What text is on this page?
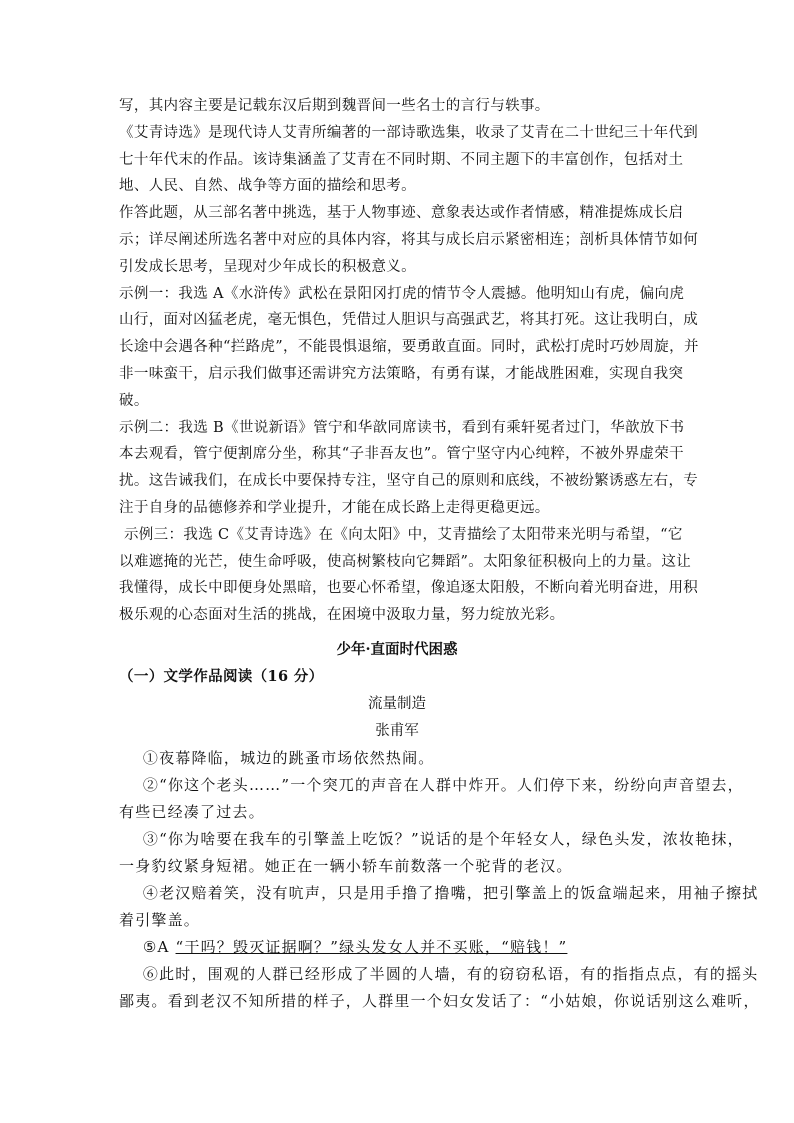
写，其内容主要是记载东汉后期到魏晋间一些名士的言行与轶事。
《艾青诗选》是现代诗人艾青所编著的一部诗歌选集，收录了艾青在二十世纪三十年代到
七十年代末的作品。该诗集涵盖了艾青在不同时期、不同主题下的丰富创作，包括对土
地、人民、自然、战争等方面的描绘和思考。
作答此题，从三部名著中挑选，基于人物事迹、意象表达或作者情感，精准提炼成长启
示；详尽阐述所选名著中对应的具体内容，将其与成长启示紧密相连；剖析具体情节如何
引发成长思考，呈现对少年成长的积极意义。
示例一：我选 A《水浒传》武松在景阳冈打虎的情节令人震撼。他明知山有虎，偏向虎
山行，面对凶猛老虎，毫无惧色，凭借过人胆识与高强武艺，将其打死。这让我明白，成
长途中会遇各种“拦路虎”，不能畏惧退缩，要勇敢直面。同时，武松打虎时巧妙周旋，并
非一味蛮干，启示我们做事还需讲究方法策略，有勇有谋，才能战胜困难，实现自我突
破。
示例二：我选 B《世说新语》管宁和华歆同席读书，看到有乘轩冕者过门，华歆放下书
本去观看，管宁便割席分坐，称其“子非吾友也”。管宁坚守内心纯粹，不被外界虚荣干
扰。这告诫我们，在成长中要保持专注，坚守自己的原则和底线，不被纷繁诱惑左右，专
注于自身的品德修养和学业提升，才能在成长路上走得更稳更远。
示例三：我选 C《艾青诗选》在《向太阳》中，艾青描绘了太阳带来光明与希望，“它
以难遮掩的光芒，使生命呼吸，使高树繁枝向它舞蹈”。太阳象征积极向上的力量。这让
我懂得，成长中即便身处黑暗，也要心怀希望，像追逐太阳般，不断向着光明奋进，用积
极乐观的心态面对生活的挑战，在困境中汲取力量，努力绽放光彩。
少年·直面时代困惑
（一）文学作品阅读（16 分）
流量制造
张甫军
①夜幕降临，城边的跳蚤市场依然热闹。
②“你这个老头……”一个突兀的声音在人群中炸开。人们停下来，纷纷向声音望去，
有些已经凑了过去。
③“你为啥要在我车的引擎盖上吃饭？”说话的是个年轻女人，绿色头发，浓妆艳抹，
一身豹纹紧身短裙。她正在一辆小轿车前数落一个驼背的老汉。
④老汉赔着笑，没有吭声，只是用手撸了撸嘴，把引擎盖上的饭盒端起来，用袖子擦拭
着引擎盖。
⑤A “干吗？毁灭证据啊？”绿头发女人并不买账，“赔钱！”
⑥此时，围观的人群已经形成了半圆的人墙，有的窃窃私语，有的指指点点，有的摇头
鄙夷。看到老汉不知所措的样子，人群里一个妇女发话了：“小姑娘，你说话别这么难听，
